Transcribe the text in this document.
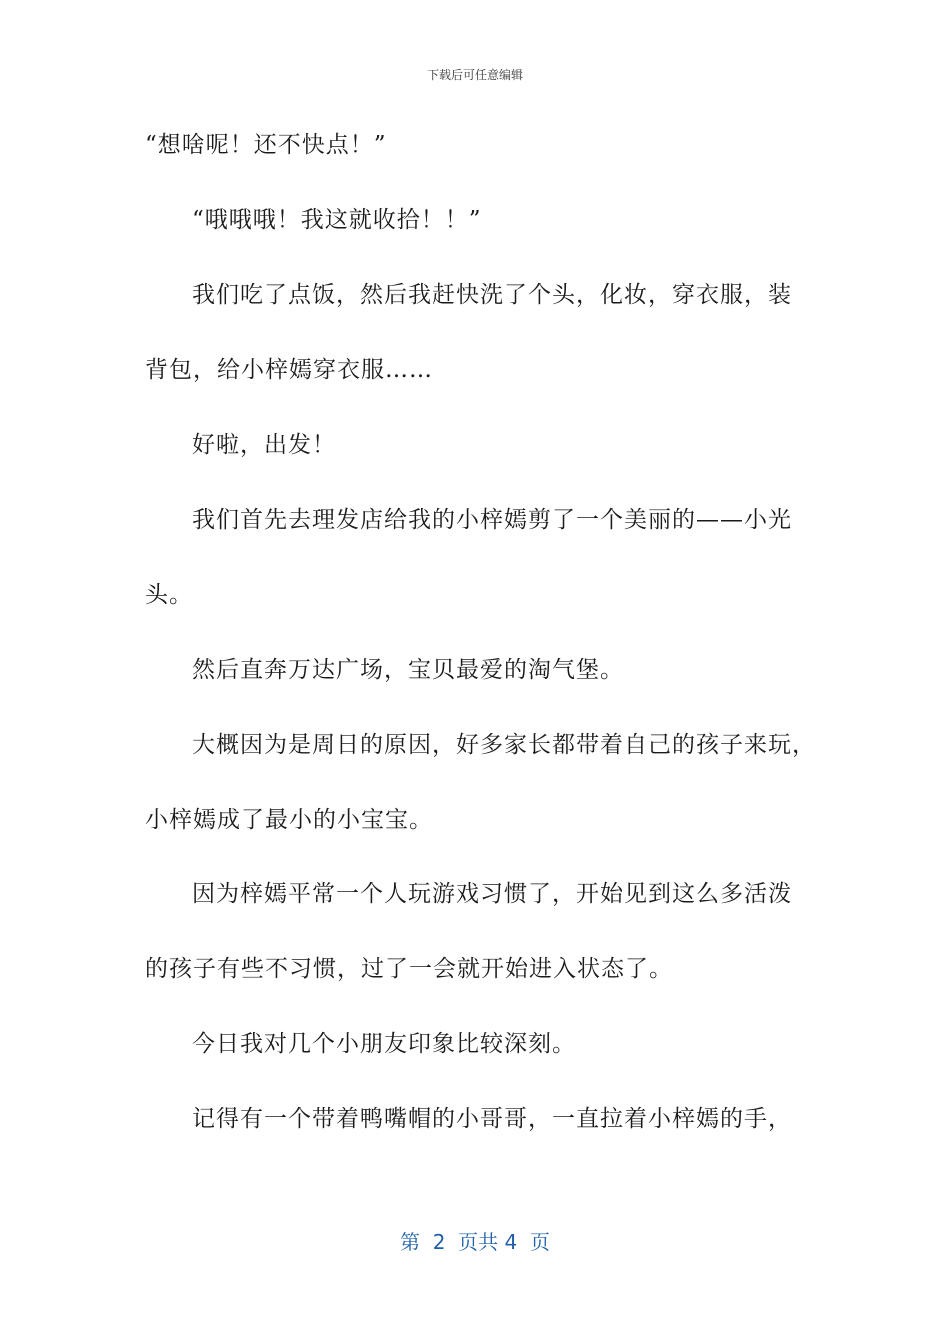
下载后可任意编辑
“想啥呢！还不快点！”
“哦哦哦！我这就收拾！！”
我们吃了点饭，然后我赶快洗了个头，化妆，穿衣服，装
背包，给小梓嫣穿衣服……
好啦，出发！
我们首先去理发店给我的小梓嫣剪了一个美丽的——小光
头。
然后直奔万达广场，宝贝最爱的淘气堡。
大概因为是周日的原因，好多家长都带着自己的孩子来玩，
小梓嫣成了最小的小宝宝。
因为梓嫣平常一个人玩游戏习惯了，开始见到这么多活泼
的孩子有些不习惯，过了一会就开始进入状态了。
今日我对几个小朋友印象比较深刻。
记得有一个带着鸭嘴帽的小哥哥，一直拉着小梓嫣的手，
第  2  页共 4  页
